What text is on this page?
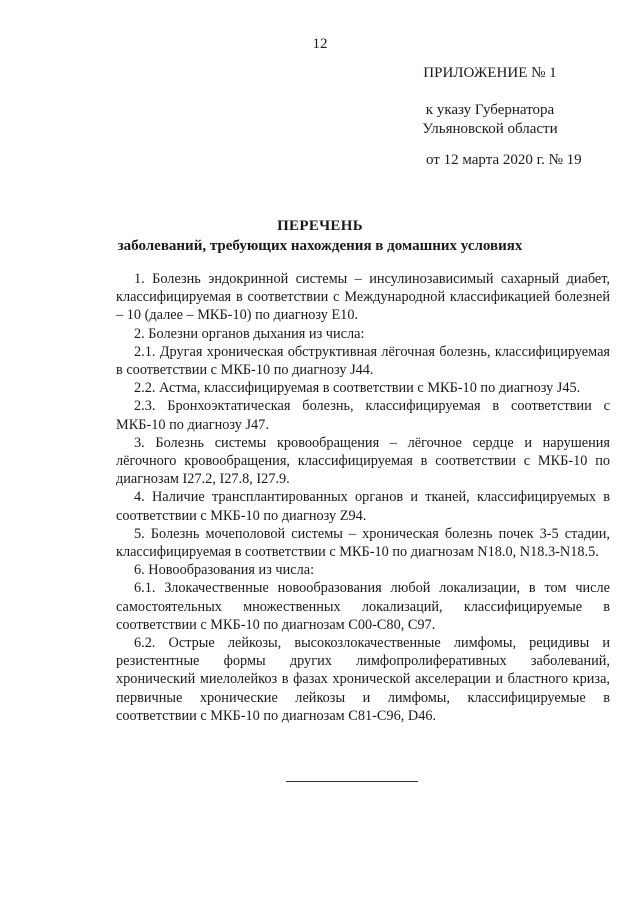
12
ПРИЛОЖЕНИЕ № 1
к указу Губернатора
Ульяновской области
от 12 марта 2020 г. № 19
ПЕРЕЧЕНЬ
заболеваний, требующих нахождения в домашних условиях

1. Болезнь эндокринной системы – инсулинозависимый сахарный диабет, классифицируемая в соответствии с Международной классификацией болезней – 10 (далее – МКБ-10) по диагнозу Е10.

2. Болезни органов дыхания из числа:

2.1. Другая хроническая обструктивная лёгочная болезнь, классифицируемая в соответствии с МКБ-10 по диагнозу J44.

2.2. Астма, классифицируемая в соответствии с МКБ-10 по диагнозу J45.

2.3. Бронхоэктатическая болезнь, классифицируемая в соответствии с МКБ-10 по диагнозу J47.

3. Болезнь системы кровообращения – лёгочное сердце и нарушения лёгочного кровообращения, классифицируемая в соответствии с МКБ-10 по диагнозам I27.2, I27.8, I27.9.

4. Наличие трансплантированных органов и тканей, классифицируемых в соответствии с МКБ-10 по диагнозу Z94.

5. Болезнь мочеполовой системы – хроническая болезнь почек 3-5 стадии, классифицируемая в соответствии с МКБ-10 по диагнозам N18.0, N18.3-N18.5.

6. Новообразования из числа:

6.1. Злокачественные новообразования любой локализации, в том числе самостоятельных множественных локализаций, классифицируемые в соответствии с МКБ-10 по диагнозам С00-С80, С97.

6.2. Острые лейкозы, высокозлокачественные лимфомы, рецидивы и резистентные формы других лимфопролиферативных заболеваний, хронический миелолейкоз в фазах хронической акселерации и бластного криза, первичные хронические лейкозы и лимфомы, классифицируемые в соответствии с МКБ-10 по диагнозам С81-С96, D46.
